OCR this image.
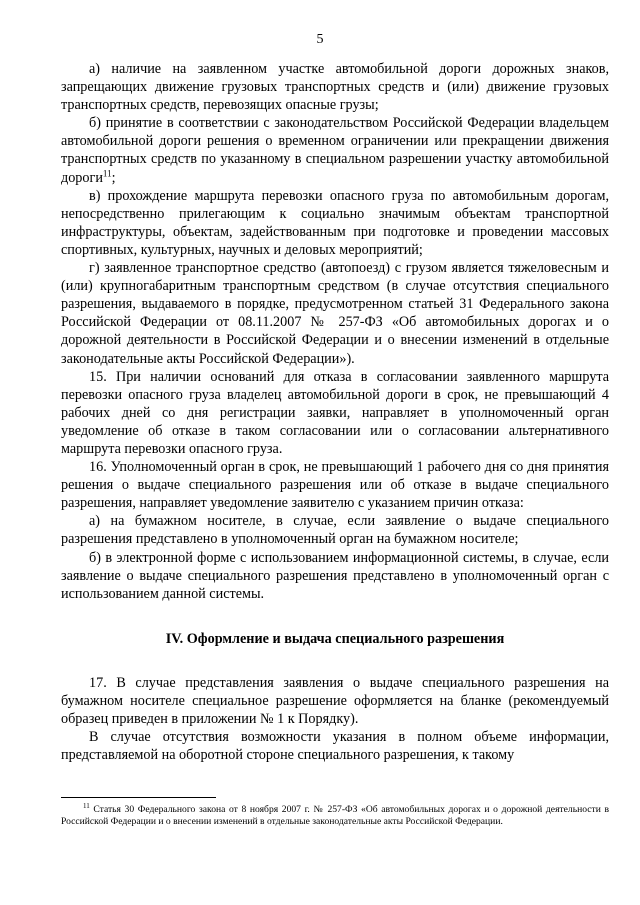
5

а) наличие на заявленном участке автомобильной дороги дорожных знаков, запрещающих движение грузовых транспортных средств и (или) движение грузовых транспортных средств, перевозящих опасные грузы;

б) принятие в соответствии с законодательством Российской Федерации владельцем автомобильной дороги решения о временном ограничении или прекращении движения транспортных средств по указанному в специальном разрешении участку автомобильной дороги$^{11}$;

в) прохождение маршрута перевозки опасного груза по автомобильным дорогам, непосредственно прилегающим к социально значимым объектам транспортной инфраструктуры, объектам, задействованным при подготовке и проведении массовых спортивных, культурных, научных и деловых мероприятий;

г) заявленное транспортное средство (автопоезд) с грузом является тяжеловесным и (или) крупногабаритным транспортным средством (в случае отсутствия специального разрешения, выдаваемого в порядке, предусмотренном статьей 31 Федерального закона Российской Федерации от 08.11.2007 № 257-ФЗ «Об автомобильных дорогах и о дорожной деятельности в Российской Федерации и о внесении изменений в отдельные законодательные акты Российской Федерации»).

15. При наличии оснований для отказа в согласовании заявленного маршрута перевозки опасного груза владелец автомобильной дороги в срок, не превышающий 4 рабочих дней со дня регистрации заявки, направляет в уполномоченный орган уведомление об отказе в таком согласовании или о согласовании альтернативного маршрута перевозки опасного груза.

16. Уполномоченный орган в срок, не превышающий 1 рабочего дня со дня принятия решения о выдаче специального разрешения или об отказе в выдаче специального разрешения, направляет уведомление заявителю с указанием причин отказа:

а) на бумажном носителе, в случае, если заявление о выдаче специального разрешения представлено в уполномоченный орган на бумажном носителе;

б) в электронной форме с использованием информационной системы, в случае, если заявление о выдаче специального разрешения представлено в уполномоченный орган с использованием данной системы.

IV. Оформление и выдача специального разрешения

17. В случае представления заявления о выдаче специального разрешения на бумажном носителе специальное разрешение оформляется на бланке (рекомендуемый образец приведен в приложении № 1 к Порядку).

В случае отсутствия возможности указания в полном объеме информации, представляемой на оборотной стороне специального разрешения, к такому

$^{11}$ Статья 30 Федерального закона от 8 ноября 2007 г. № 257-ФЗ «Об автомобильных дорогах и о дорожной деятельности в Российской Федерации и о внесении изменений в отдельные законодательные акты Российской Федерации.
